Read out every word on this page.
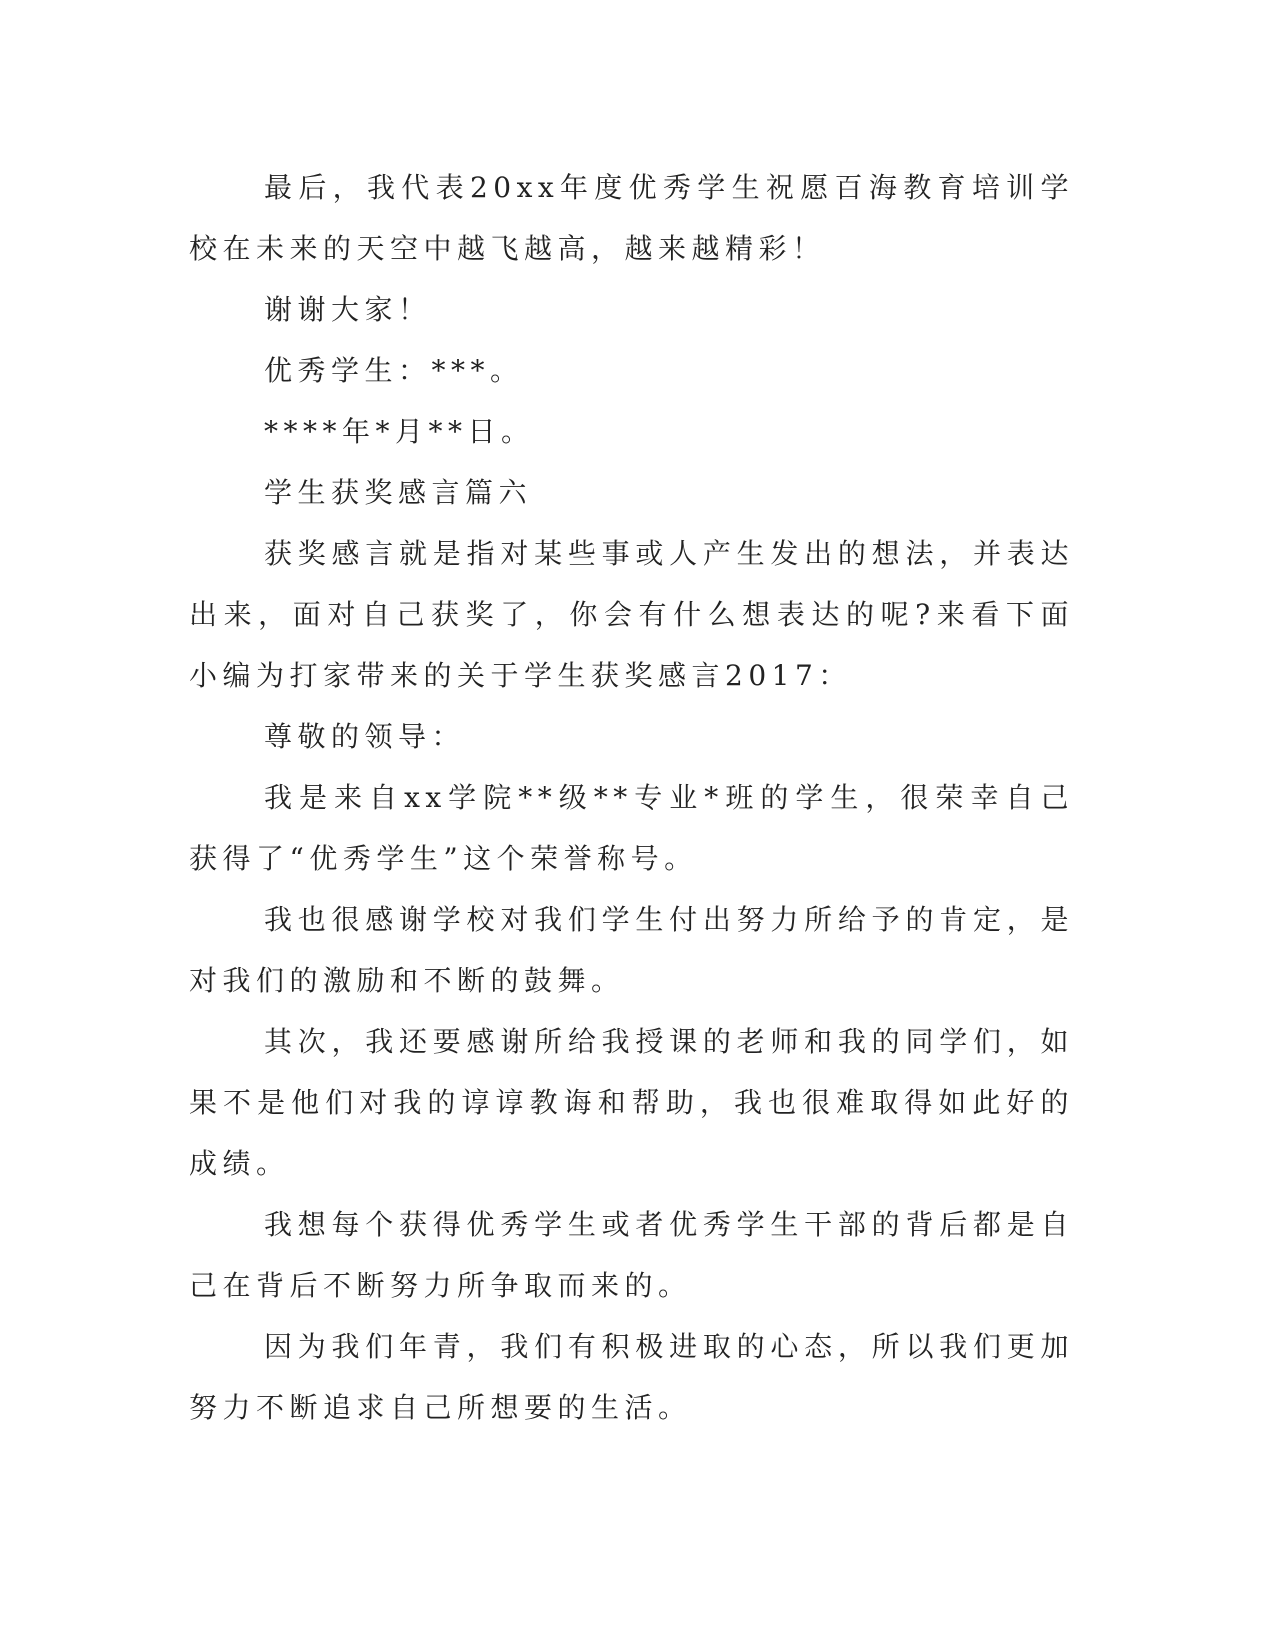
最后，我代表20xx年度优秀学生祝愿百海教育培训学校在未来的天空中越飞越高，越来越精彩！

谢谢大家！

优秀学生：***。

****年*月**日。

学生获奖感言篇六

获奖感言就是指对某些事或人产生发出的想法，并表达出来，面对自己获奖了，你会有什么想表达的呢?来看下面小编为打家带来的关于学生获奖感言2017：

尊敬的领导：

我是来自xx学院**级**专业*班的学生，很荣幸自己获得了“优秀学生”这个荣誉称号。

我也很感谢学校对我们学生付出努力所给予的肯定，是对我们的激励和不断的鼓舞。

其次，我还要感谢所给我授课的老师和我的同学们，如果不是他们对我的谆谆教诲和帮助，我也很难取得如此好的成绩。

我想每个获得优秀学生或者优秀学生干部的背后都是自己在背后不断努力所争取而来的。

因为我们年青，我们有积极进取的心态，所以我们更加努力不断追求自己所想要的生活。
